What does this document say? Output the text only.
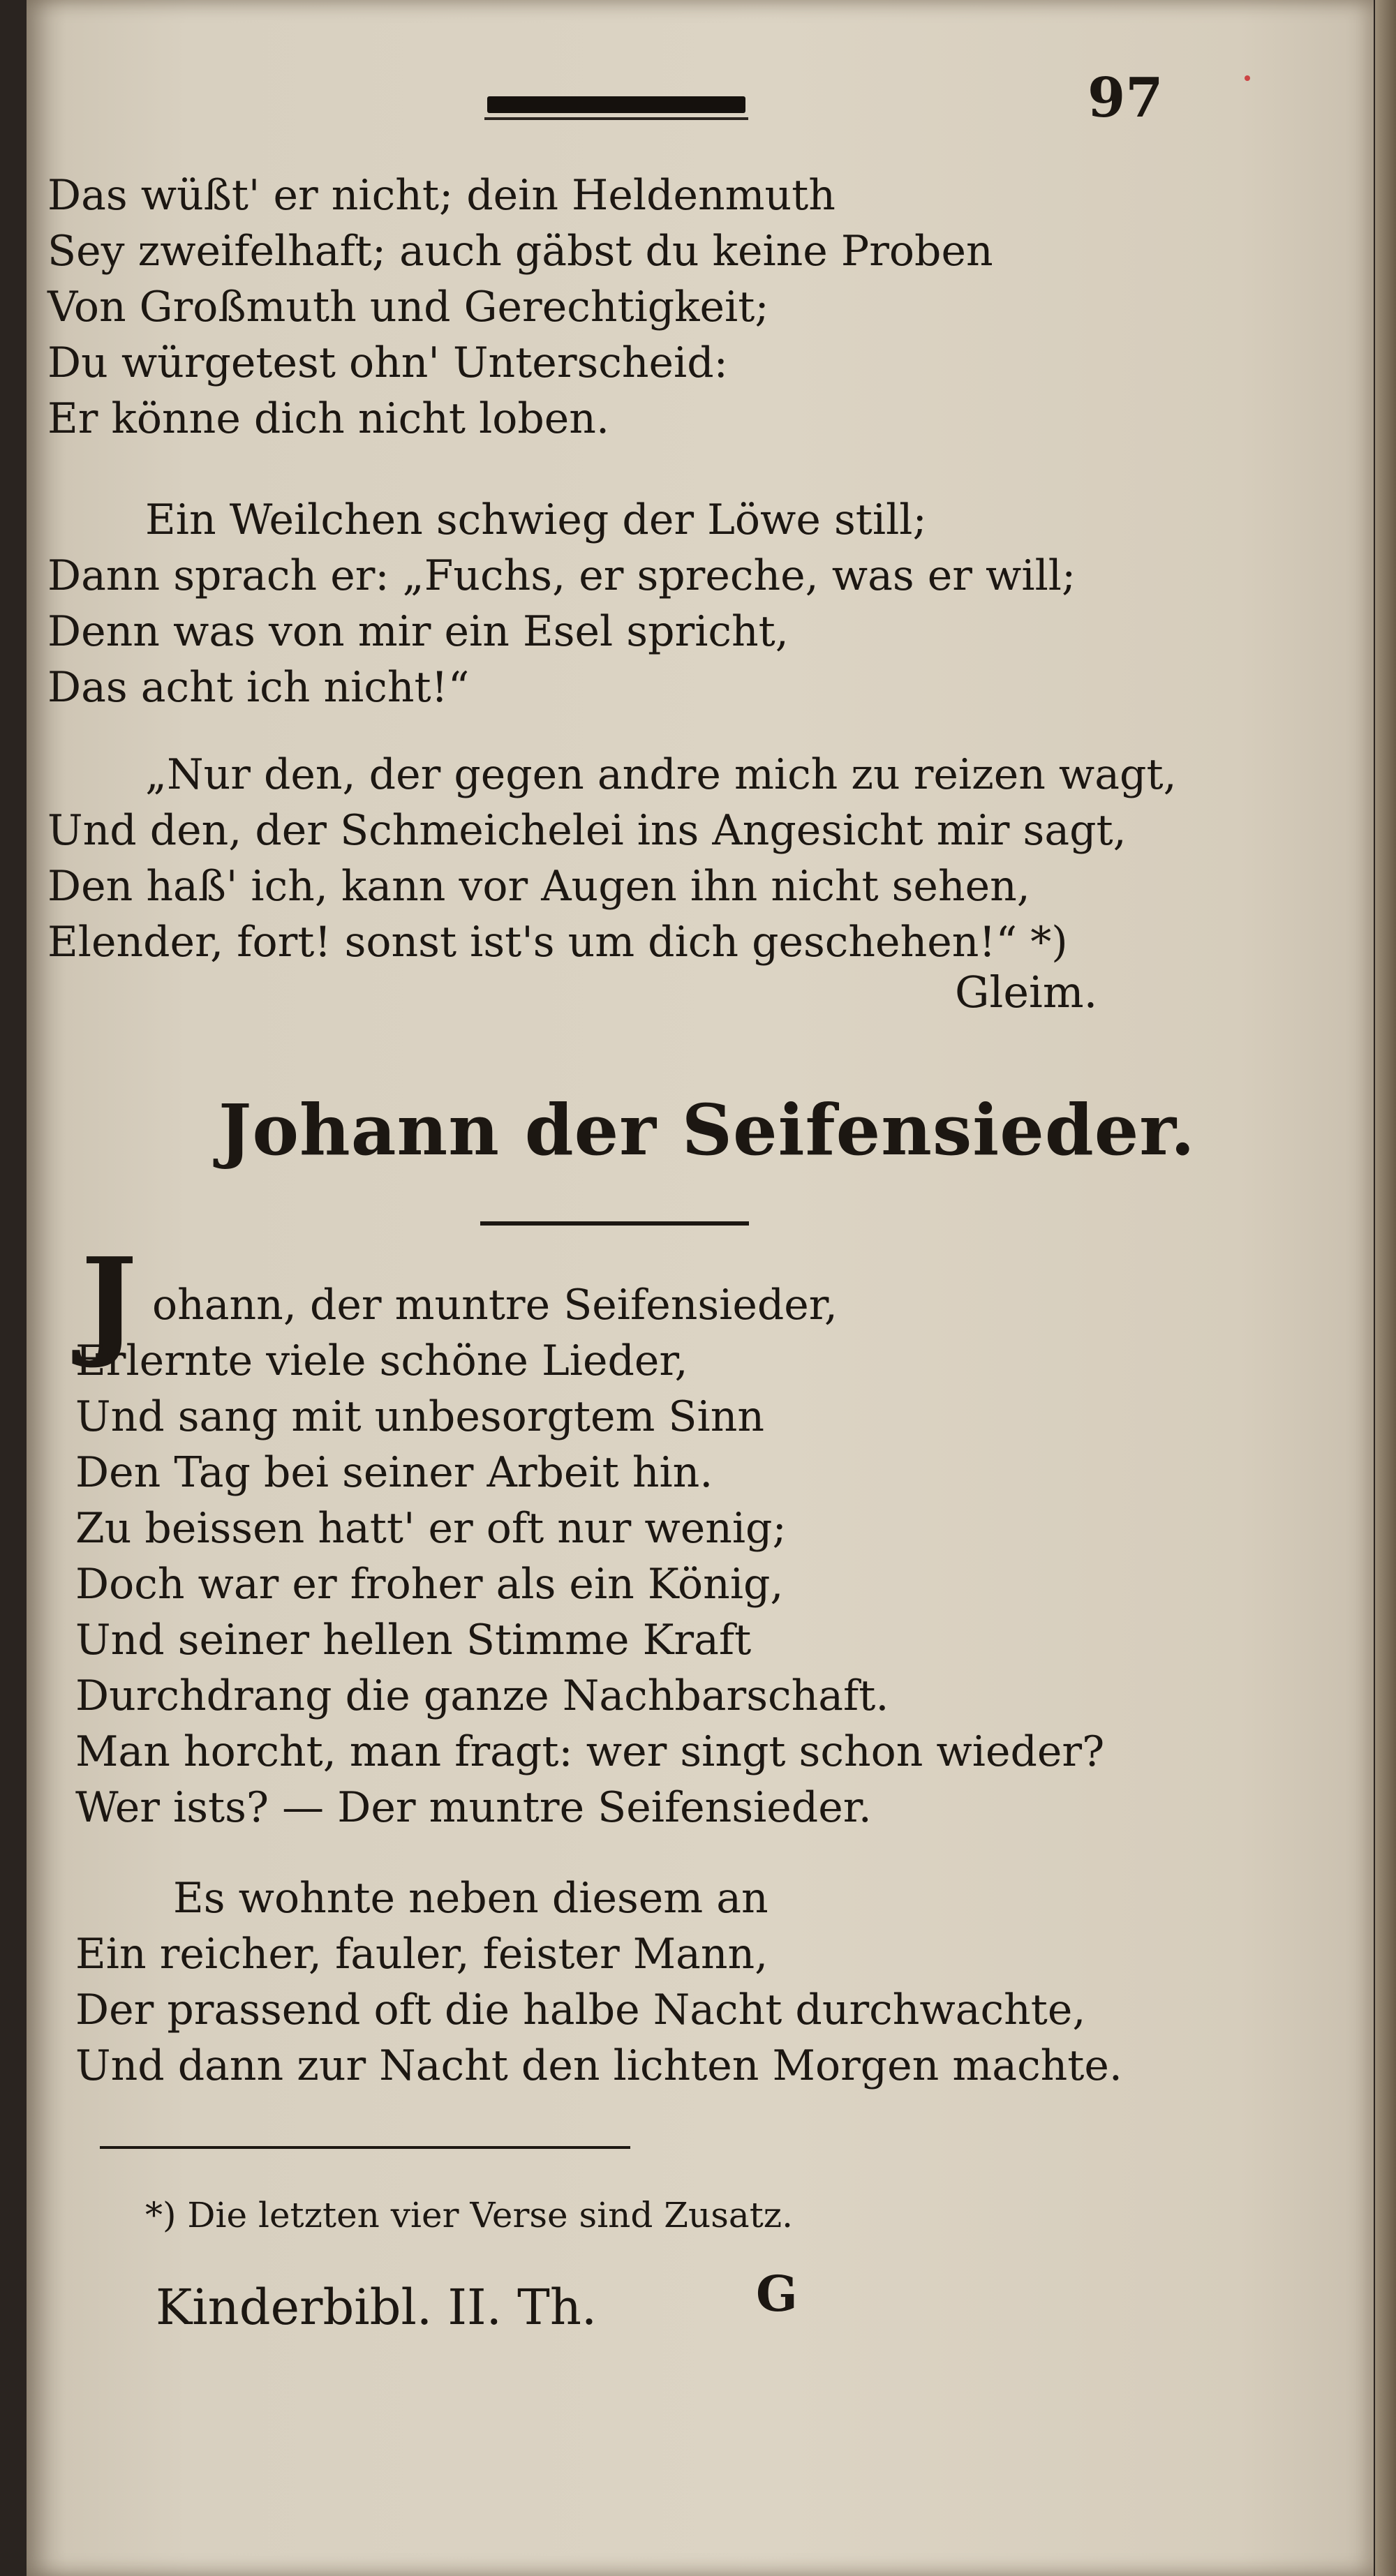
97
Das wüßt' er nicht; dein Heldenmuth
Sey zweifelhaft; auch gäbst du keine Proben
Von Großmuth und Gerechtigkeit;
Du würgetest ohn' Unterscheid:
Er könne dich nicht loben.
Ein Weilchen schwieg der Löwe still;
Dann sprach er: „Fuchs, er spreche, was er will;
Denn was von mir ein Esel spricht,
Das acht ich nicht!“
„Nur den, der gegen andre mich zu reizen wagt,
Und den, der Schmeichelei ins Angesicht mir sagt,
Den haß' ich, kann vor Augen ihn nicht sehen,
Elender, fort! sonst ist's um dich geschehen!“ *)
Gleim.
Johann der Seifensieder.
J ohann, der muntre Seifensieder,
Erlernte viele schöne Lieder,
Und sang mit unbesorgtem Sinn
Den Tag bei seiner Arbeit hin.
Zu beissen hatt' er oft nur wenig;
Doch war er froher als ein König,
Und seiner hellen Stimme Kraft
Durchdrang die ganze Nachbarschaft.
Man horcht, man fragt: wer singt schon wieder?
Wer ists? — Der muntre Seifensieder.
Es wohnte neben diesem an
Ein reicher, fauler, feister Mann,
Der prassend oft die halbe Nacht durchwachte,
Und dann zur Nacht den lichten Morgen machte.
*) Die letzten vier Verse sind Zusatz.
Kinderbibl. II. Th.	G
